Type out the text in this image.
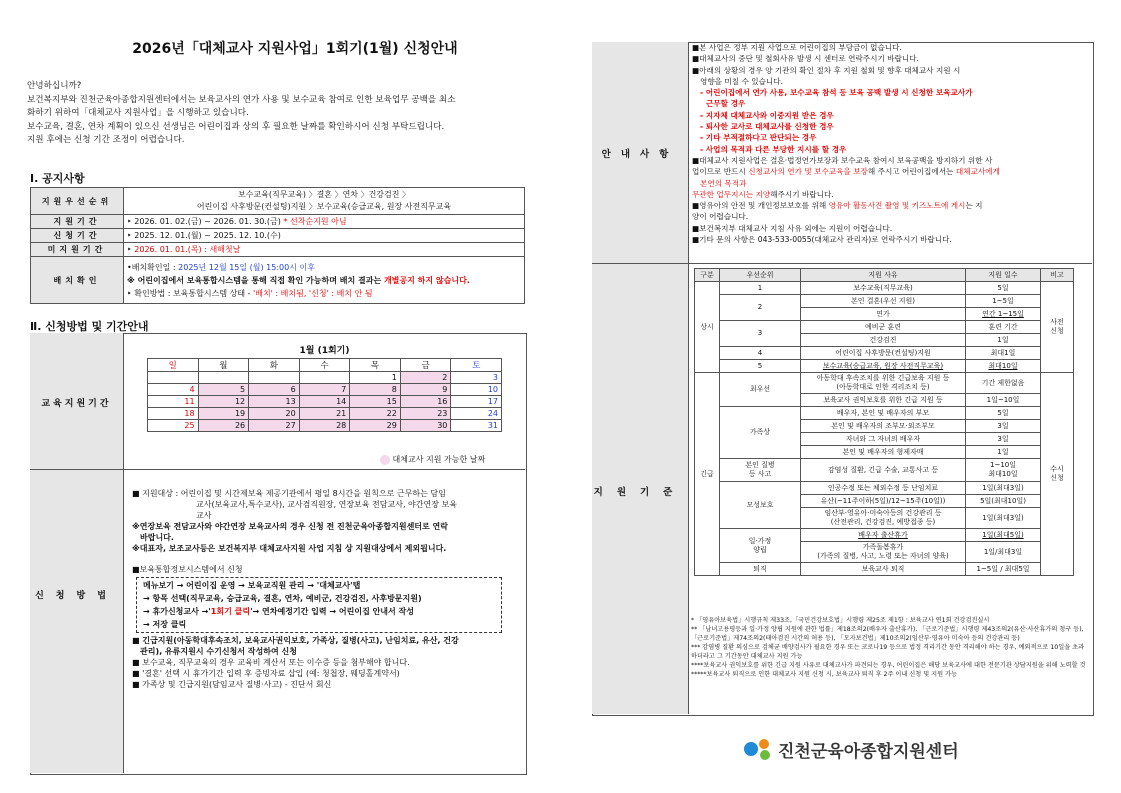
2026년「대체교사 지원사업」1회기(1월) 신청안내
안녕하십니까?
보건복지부와 진천군육아종합지원센터에서는 보육교사의 연가 사용 및 보수교육 참여로 인한 보육업무 공백을 최소
화하기 위하여「대체교사 지원사업」을 시행하고 있습니다.
보수교육, 결혼, 연차 계획이 있으신 선생님은 어린이집과 상의 후 필요한 날짜를 확인하시어 신청 부탁드립니다.
지원 후에는 신청 기간 조정이 어렵습니다.
Ⅰ. 공지사항
지원우선순위	보수교육(직무교육) 〉결혼 〉연차 〉건강검진 〉
어린이집 사후방문(컨설팅)지원 〉보수교육(승급교육, 원장 사전직무교육

지원기간	‣ 2026. 01. 02.(금) ~ 2026. 01. 30.(금) * 선착순지원 아님
신청기간	‣ 2025. 12. 01.(월) ~ 2025. 12. 10.(수)
미지원기간	‣ 2026. 01. 01.(목) : 새해첫날
배치확인	•배치확인일 : 2025년 12월 15일 (월) 15:00시 이후
※ 어린이집에서 보육통합시스템을 통해 직접 확인 가능하며 배치 결과는 개별공지 하지 않습니다.
‣ 확인방법 : 보육통합시스템 상태 - '배치' : 배치됨, '신청' : 배치 안 됨
Ⅱ. 신청방법 및 기간안내
교육지원기간
신청방법
1월 (1회기)
일	월	화	수	목	금	토
				1	2	3
4	5	6	7	8	9	10
11	12	13	14	15	16	17
18	19	20	21	22	23	24
25	26	27	28	29	30	31
대체교사 지원 가능한 날짜
■ 지원대상 : 어린이집 및 시간제보육 제공기관에서 평일 8시간을 원칙으로 근무하는 담임
교사(보육교사,특수교사), 교사겸직원장, 연장보육 전담교사, 야간연장 보육
교사
※연장보육 전담교사와 야간연장 보육교사의 경우 신청 전 진천군육아종합지원센터로 연락
바랍니다.
※대표자, 보조교사등은 보건복지부 대체교사지원 사업 지침 상 지원대상에서 제외됩니다.
■보육통합정보시스템에서 신청
메뉴보기 → 어린이집 운영 → 보육교직원 관리 → '대체교사'탭
→ 항목 선택(직무교육, 승급교육, 결혼, 연차, 예비군, 건강검진, 사후방문지원)
→ 휴가신청교사 →'1회기 클릭'→ 연차예정기간 입력 → 어린이집 안내서 작성
→ 저장 클릭
■ 긴급지원(아동학대후속조치, 보육교사권익보호, 가족상, 질병(사고), 난임치료, 유산, 건강
관리), 유류지원시 수기신청서 작성하여 신청
■ 보수교육, 직무교육의 경우 교육비 계산서 또는 이수증 등을 첨부해야 합니다.
■ '결혼' 선택 시 휴가기간 입력 후 증빙자료 삽입 (예: 청첩장, 웨딩홀계약서)
■ 가족상 및 긴급지원(담임교사 질병·사고) - 진단서 회신
안내사항
지원기준
■본 사업은 정부 지원 사업으로 어린이집의 부담금이 없습니다.
■대체교사의 중단 및 철회사유 발생 시 센터로 연락주시기 바랍니다.
■아래의 상황의 경우 양 기관의 확인 절차 후 지원 철회 및 향후 대체교사 지원 시
영향을 미칠 수 있습니다.
- 어린이집에서 연가 사용, 보수교육 참석 등 보육 공백 발생 시 신청한 보육교사가
근무할 경우
- 지자체 대체교사와 이중지원 받은 경우
- 퇴사한 교사로 대체교사를 신청한 경우
- 기타 부적절하다고 판단되는 경우
- 사업의 목적과 다른 부당한 지시를 할 경우
■대체교사 지원사업은 결혼·법정연가보장과 보수교육 참여시 보육공백을 방지하기 위한 사
업이므로 반드시 신청교사의 연가 및 보수교육을 보장해 주시고 어린이집에서는 대체교사에게
본연의 목적과
무관한 업무지시는 지양해주시기 바랍니다.
■영유아의 안전 및 개인정보보호를 위해 영유아 활동사진 촬영 및 키즈노트에 게시는 지
양이 어렵습니다.
■보건복지부 대체교사 지침 사유 외에는 지원이 어렵습니다.
■기타 문의 사항은 043-533-0055(대체교사 관리자)로 연락주시기 바랍니다.
구분	우선순위	지원 사유	지원 일수	비고
상시	1	보수교육(직무교육)	5일	사전
신청
	2	본인 결혼(우선 지원)	1~5일	
		연가	연간 1~15일	
	3	예비군 훈련	훈련 기간	
		건강검진	1일	
	4	어린이집 사후방문(컨설팅)지원	최대1일	
	5	보수교육(승급교육, 원장 사전직무교육)	최대10일	
긴급	최우선	아동학대 후속조치를 위한 긴급보육 지원 등
(아동학대로 인한 격리조치 등)	기간 제한없음	수시
신청
		보육교사 권익보호를 위한 긴급 지원 등	1일~10일	
	가족상	배우자, 본인 및 배우자의 부모	5일	
		본인 및 배우자의 조부모·외조부모	3일	
		자녀와 그 자녀의 배우자	3일	
		본인 및 배우자의 형제자매	1일	
	본인 질병
등 사고	감염성 질환, 긴급 수술, 교통사고 등	1~10일
최대10일	
	모성보호	인공수정 또는 체외수정 등 난임치료	1일(최대3일)	
		유산(~11주이하(5일)/12~15주(10일))	5일(최대10일)	
		임산부·영유아·미숙아등의 건강관리 등
(산전관리, 건강검진, 예방접종 등)	1일(최대3일)	
	일·가정
양립	배우자 출산휴가	1일(최대5일)	
		가족돌봄휴가
(가족의 질병, 사고, 노령 또는 자녀의 양육)	1일/최대3일	
	퇴직	보육교사 퇴직	1~5일 / 최대5일	
* 「영유아보육법」시행규칙 제33조,「국민건강보호법」시행령 제25조 제1항 : 보육교사 연1회 건강검진실시
** 「남녀고용평등과 일·가정 양립 지원에 관한 법률」제18조의2(배우자 출산휴가), 「근로기준법」시행령 제43조의2(유산·사산휴가의 청구 등), 「근로기준법」제74조의2(태아검진 시간의 허용 등), 「모자보건법」제10조의2(임산부·영유아 미숙아 등의 건강관리 등)
*** 감염병 질환 의심으로 검체균 배양검사가 필요한 경우 또는 코로나19 등으로 법정 격리기간 동안 격리해야 하는 경우, 예외적으로 10일을 초과하더라고 그 기간동안 대체교사 지원 가능
****보육교사 권익보호를 위한 긴급 지원 사유로 대체교사가 파견되는 경우, 어린이집은 해당 보육교사에 대한 전문기관 상담지원을 위해 노력할 것
*****보육교사 퇴직으로 인한 대체교사 지원 신청 시, 보육교사 퇴직 후 2주 이내 신청 및 지원 가능
진천군육아종합지원센터
